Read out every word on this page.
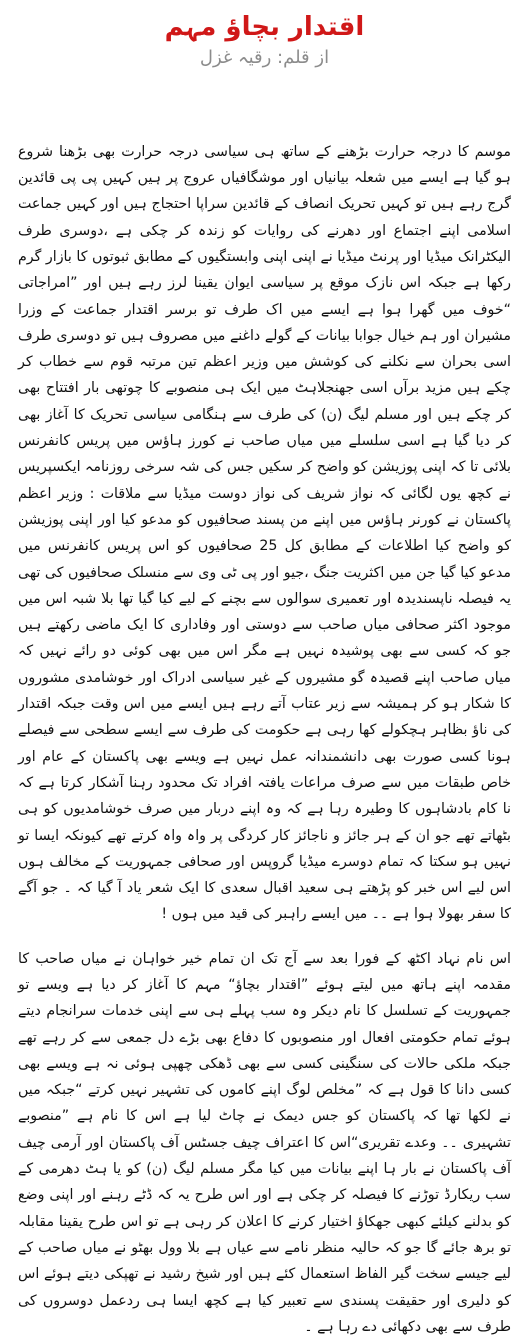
اقتدار بچاؤ مہم
از قلم: رقیہ غزل

موسم کا درجہ حرارت بڑھنے کے ساتھ ہی سیاسی درجہ حرارت بھی بڑھنا شروع ہو گیا ہے ایسے میں شعلہ بیانیاں اور موشگافیاں عروج پر ہیں کہیں پی پی قائدین گرج رہے ہیں تو کہیں تحریک انصاف کے قائدین سراپا احتجاج ہیں اور کہیں جماعت اسلامی اپنے اجتماع اور دھرنے کی روایات کو زندہ کر چکی ہے ،دوسری طرف الیکٹرانک میڈیا اور پرنٹ میڈیا نے اپنی اپنی وابستگیوں کے مطابق ثبوتوں کا بازار گرم رکھا ہے جبکہ اس نازک موقع پر سیاسی ایوان یقینا لرز رہے ہیں اور ”امراجاتی “خوف میں گھرا ہوا ہے ایسے میں اک طرف تو برسر اقتدار جماعت کے وزرا مشیران اور ہم خیال جوابا بیانات کے گولے داغنے میں مصروف ہیں تو دوسری طرف اسی بحران سے نکلنے کی کوشش میں وزیر اعظم تین مرتبہ قوم سے خطاب کر چکے ہیں مزید برآں اسی جھنجلاہٹ میں ایک ہی منصوبے کا چوتھی بار افتتاح بھی کر چکے ہیں اور مسلم لیگ (ن) کی طرف سے ہنگامی سیاسی تحریک کا آغاز بھی کر دیا گیا ہے اسی سلسلے میں میاں صاحب نے کورز ہاؤس میں پریس کانفرنس بلائی تا کہ اپنی پوزیشن کو واضح کر سکیں جس کی شہ سرخی روزنامہ ایکسپریس نے کچھ یوں لگائی کہ نواز شریف کی نواز دوست میڈیا سے ملاقات : وزیر اعظم پاکستان نے کورنر ہاؤس میں اپنے من پسند صحافیوں کو مدعو کیا اور اپنی پوزیشن کو واضح کیا اطلاعات کے مطابق کل 25 صحافیوں کو اس پریس کانفرنس میں مدعو کیا گیا جن میں اکثریت جنگ ،جیو اور پی ٹی وی سے منسلک صحافیوں کی تھی یہ فیصلہ ناپسندیدہ اور تعمیری سوالوں سے بچنے کے لیے کیا گیا تھا بلا شبہ اس میں موجود اکثر صحافی میاں صاحب سے دوستی اور وفاداری کا ایک ماضی رکھتے ہیں جو کہ کسی سے بھی پوشیدہ نہیں ہے مگر اس میں بھی کوئی دو رائے نہیں کہ میاں صاحب اپنے قصیدہ گو مشیروں کے غیر سیاسی ادراک اور خوشامدی مشوروں کا شکار ہو کر ہمیشہ سے زیر عتاب آتے رہے ہیں ایسے میں اس وقت جبکہ اقتدار کی ناؤ بظاہر ہچکولے کھا رہی ہے حکومت کی طرف سے ایسے سطحی سے فیصلے ہونا کسی صورت بھی دانشمندانہ عمل نہیں ہے ویسے بھی پاکستان کے عام اور خاص طبقات میں سے صرف مراعات یافتہ افراد تک محدود رہنا آشکار کرتا ہے کہ نا کام بادشاہوں کا وطیرہ رہا ہے کہ وہ اپنے دربار میں صرف خوشامدیوں کو ہی بٹھاتے تھے جو ان کے ہر جائز و ناجائز کار کردگی پر واہ واہ کرتے تھے کیونکہ ایسا تو نہیں ہو سکتا کہ تمام دوسرے میڈیا گروپس اور صحافی جمہوریت کے مخالف ہوں اس لیے اس خبر کو پڑھتے ہی سعید اقبال سعدی کا ایک شعر یاد آ گیا کہ ۔ جو آگے کا سفر بھولا ہوا ہے ۔۔ میں ایسے راہبر کی قید میں ہوں !

اس نام نہاد اکٹھ کے فورا بعد سے آج تک ان تمام خیر خواہان نے میاں صاحب کا مقدمہ اپنے ہاتھ میں لیتے ہوئے ”اقتدار بچاؤ“ مہم کا آغاز کر دیا ہے ویسے تو جمہوریت کے تسلسل کا نام دیکر وہ سب پہلے ہی سے اپنی خدمات سرانجام دیتے ہوئے تمام حکومتی افعال اور منصوبوں کا دفاع بھی بڑے دل جمعی سے کر رہے تھے جبکہ ملکی حالات کی سنگینی کسی سے بھی ڈھکی چھپی ہوئی نہ ہے ویسے بھی کسی دانا کا قول ہے کہ ”مخلص لوگ اپنے کاموں کی تشہیر نہیں کرتے “جبکہ میں نے لکھا تھا کہ پاکستان کو جس دیمک نے چاٹ لیا ہے اس کا نام ہے ”منصوبے تشہیری ۔۔ وعدے تقریری“اس کا اعتراف چیف جسٹس آف پاکستان اور آرمی چیف آف پاکستان نے بار ہا اپنے بیانات میں کیا مگر مسلم لیگ (ن) کو یا ہٹ دھرمی کے سب ریکارڈ توڑنے کا فیصلہ کر چکی ہے اور اس طرح یہ کہ ڈٹے رہنے اور اپنی وضع کو بدلنے کیلئے کبھی جھکاؤ اختیار کرنے کا اعلان کر رہی ہے تو اس طرح یقینا مقابلہ تو برھ جائے گا جو کہ حالیہ منظر نامے سے عیاں ہے بلا وول بھٹو نے میاں صاحب کے لیے جیسے سخت گیر الفاظ استعمال کئے ہیں اور شیخ رشید نے تھپکی دیتے ہوئے اس کو دلیری اور حقیقت پسندی سے تعبیر کیا ہے کچھ ایسا ہی ردعمل دوسروں کی طرف سے بھی دکھائی دے رہا ہے ۔
